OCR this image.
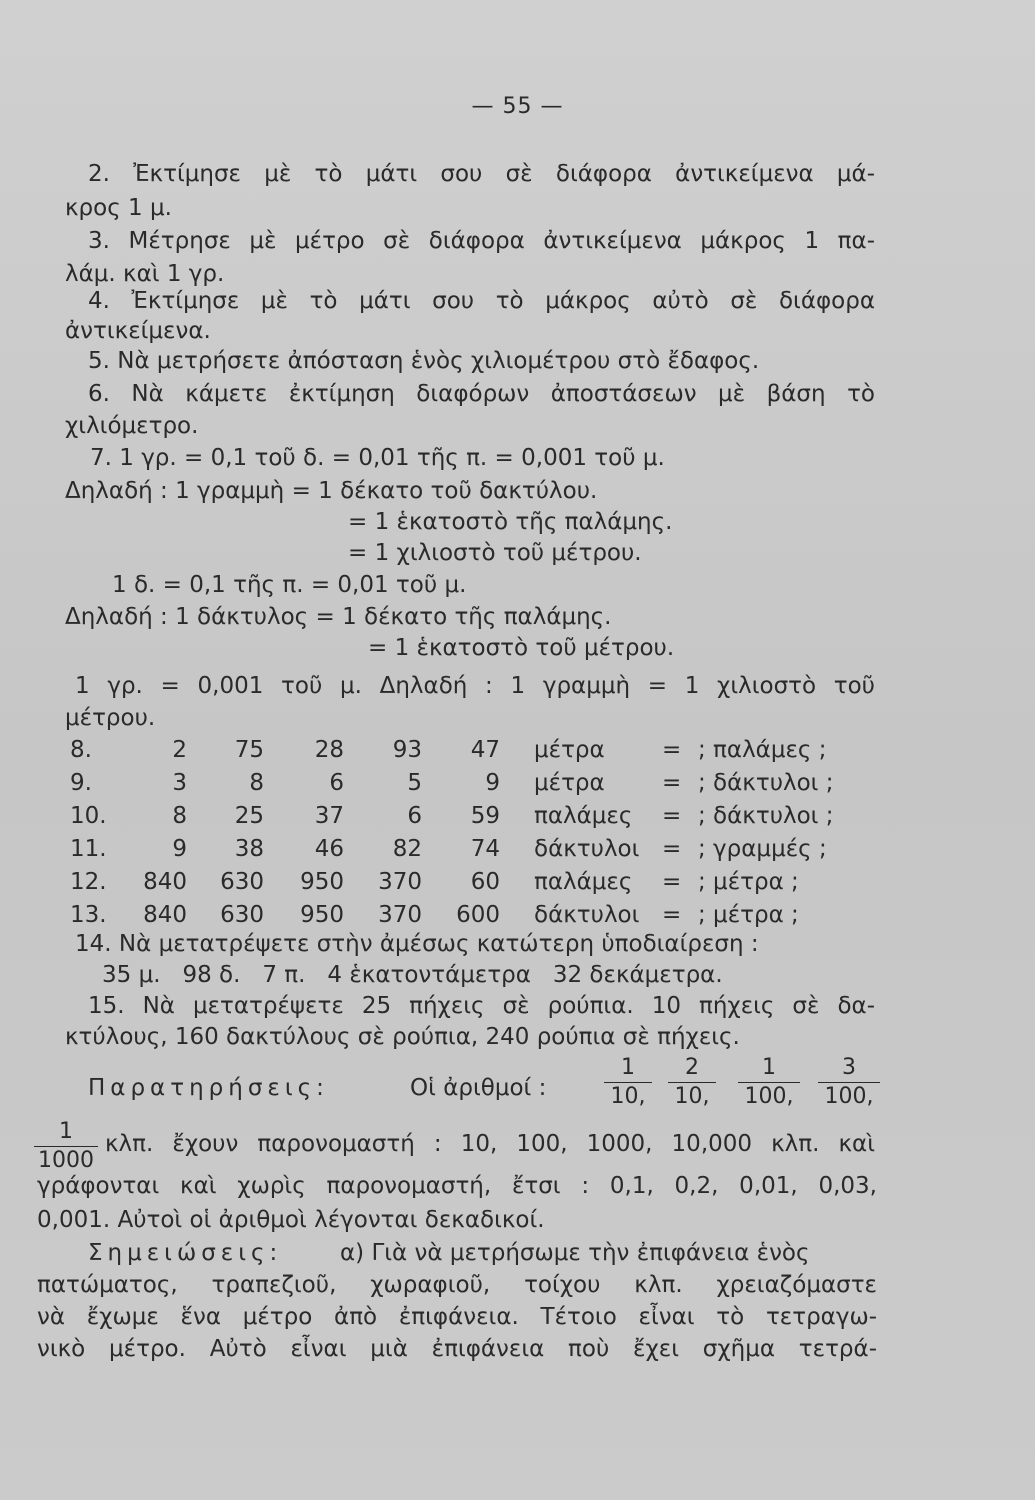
— 55 —
2. Ἐκτίμησε μὲ τὸ μάτι σου σὲ διάφορα ἀντικείμενα μά-
κρος 1 μ.
3. Μέτρησε μὲ μέτρο σὲ διάφορα ἀντικείμενα μάκρος 1 πα-
λάμ. καὶ 1 γρ.
4. Ἐκτίμησε μὲ τὸ μάτι σου τὸ μάκρος αὐτὸ σὲ διάφορα
ἀντικείμενα.
5. Νὰ μετρήσετε ἀπόσταση ἑνὸς χιλιομέτρου στὸ ἔδαφος.
6. Νὰ κάμετε ἐκτίμηση διαφόρων ἀποστάσεων μὲ βάση τὸ
χιλιόμετρο.
7. 1 γρ. = 0,1 τοῦ δ. = 0,01 τῆς π. = 0,001 τοῦ μ.
Δηλαδή : 1 γραμμὴ = 1 δέκατο τοῦ δακτύλου.
= 1 ἑκατοστὸ τῆς παλάμης.
= 1 χιλιοστὸ τοῦ μέτρου.
1 δ. = 0,1 τῆς π. = 0,01 τοῦ μ.
Δηλαδή : 1 δάκτυλος = 1 δέκατο τῆς παλάμης.
= 1 ἑκατοστὸ τοῦ μέτρου.
1 γρ. = 0,001 τοῦ μ. Δηλαδή : 1 γραμμὴ = 1 χιλιοστὸ τοῦ
μέτρου.
8.	2	75	28	93	47		μέτρα	=	; παλάμες ;
9.	3	8	6	5	9		μέτρα	=	; δάκτυλοι ;
10.	8	25	37	6	59		παλάμες	=	; δάκτυλοι ;
11.	9	38	46	82	74		δάκτυλοι	=	; γραμμές ;
12.	840	630	950	370	60		παλάμες	=	; μέτρα ;
13.	840	630	950	370	600		δάκτυλοι	=	; μέτρα ;
14. Νὰ μετατρέψετε στὴν ἀμέσως κατώτερη ὑποδιαίρεση :
35 μ.   98 δ.   7 π.   4 ἑκατοντάμετρα   32 δεκάμετρα.
15. Νὰ μετατρέψετε 25 πήχεις σὲ ρούπια. 10 πήχεις σὲ δα-
κτύλους, 160 δακτύλους σὲ ρούπια, 240 ρούπια σὲ πήχεις.
Παρατηρήσεις:	Οἱ ἀριθμοί :
1
10,
2
10,
1
100,
3
100,
1
1000
κλπ. ἔχουν παρονομαστή : 10, 100, 1000, 10,000 κλπ. καὶ
γράφονται καὶ χωρὶς παρονομαστή, ἔτσι : 0,1, 0,2, 0,01, 0,03,
0,001. Αὐτοὶ οἱ ἀριθμοὶ λέγονται δεκαδικοί.
Σημειώσεις:	α) Γιὰ νὰ μετρήσωμε τὴν ἐπιφάνεια ἑνὸς
πατώματος, τραπεζιοῦ, χωραφιοῦ, τοίχου κλπ. χρειαζόμαστε
νὰ ἔχωμε ἕνα μέτρο ἀπὸ ἐπιφάνεια. Τέτοιο εἶναι τὸ τετραγω-
νικὸ μέτρο. Αὐτὸ εἶναι μιὰ ἐπιφάνεια ποὺ ἔχει σχῆμα τετρά-
